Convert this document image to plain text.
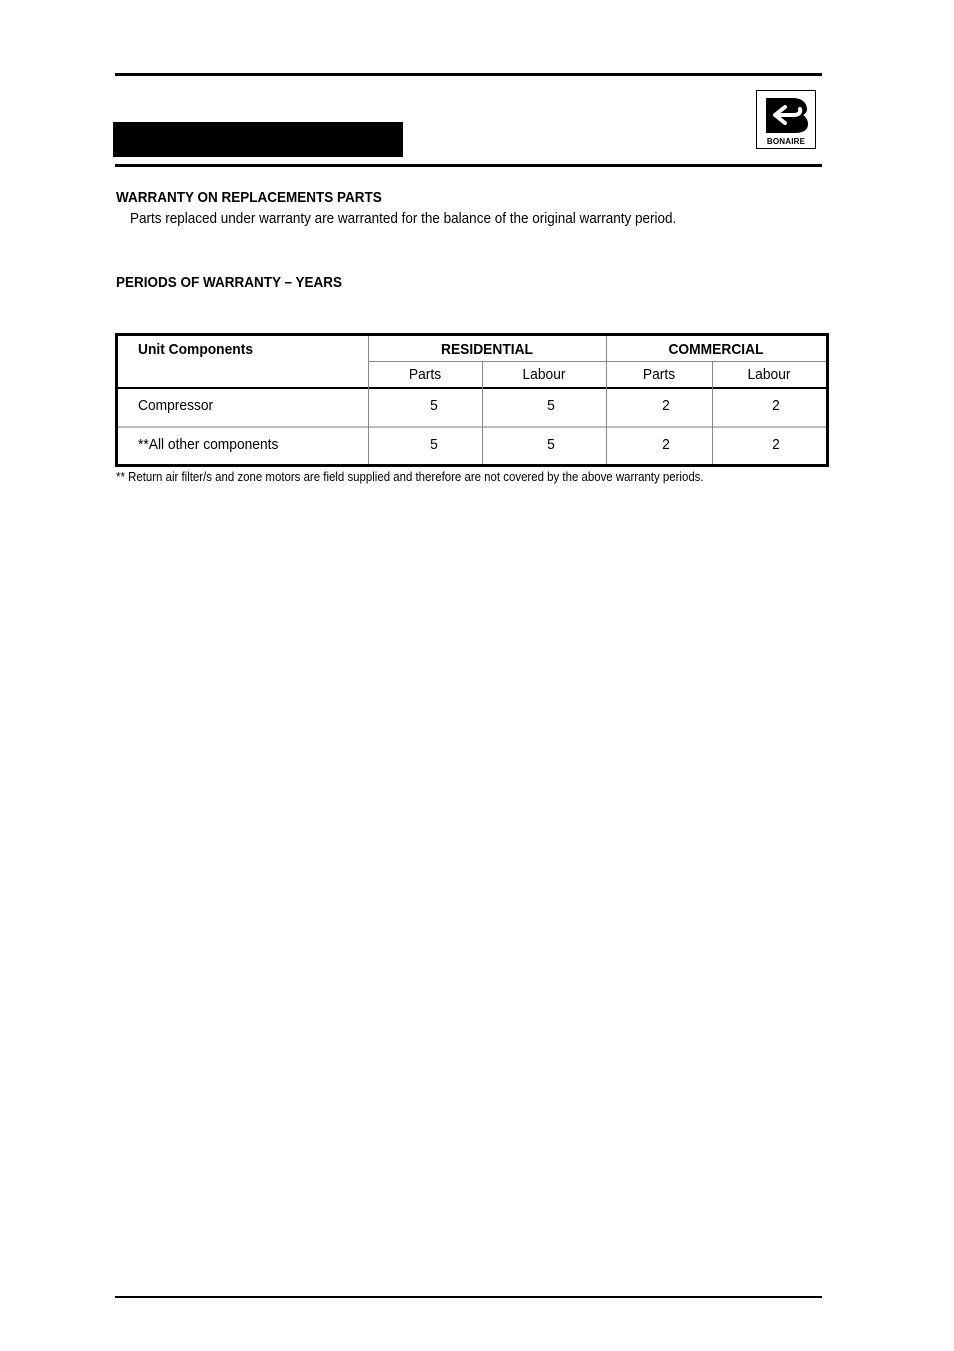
BONAIRE
WARRANTY ON REPLACEMENTS PARTS
Parts replaced under warranty are warranted for the balance of the original warranty period.
PERIODS OF WARRANTY – YEARS
Unit Components	RESIDENTIAL	COMMERCIAL
Parts	Labour	Parts	Labour
Compressor	5	5	2	2
**All other components	5	5	2	2
** Return air filter/s and zone motors are field supplied and therefore are not covered by the above warranty periods.
